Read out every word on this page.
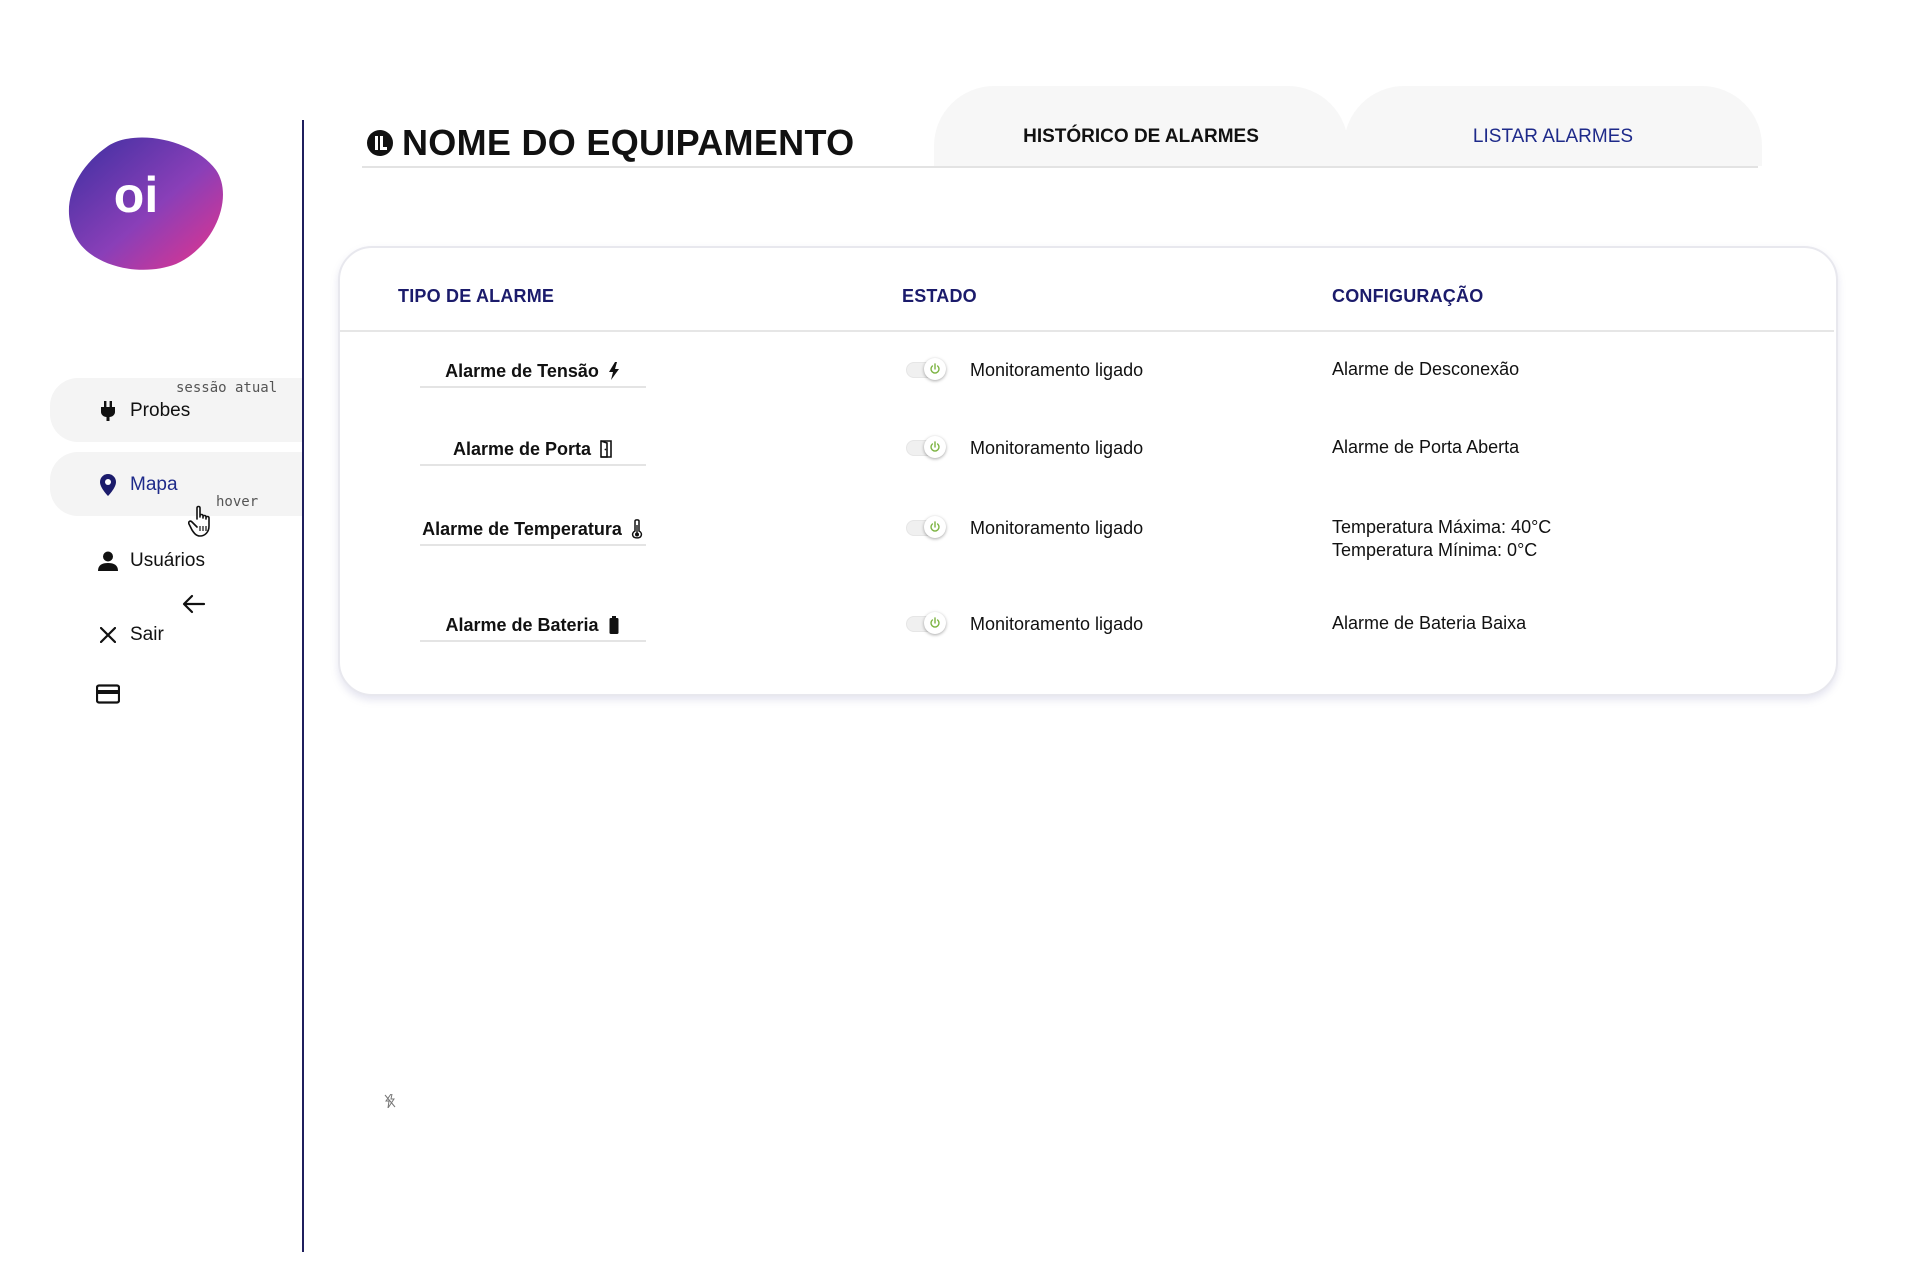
oi
sessão atual
hover
Probes
Mapa
Usuários
Sair
HISTÓRICO DE ALARMES	LISTAR ALARMES
NOME DO EQUIPAMENTO
TIPO DE ALARME	ESTADO	CONFIGURAÇÃO
Alarme de Tensão	Monitoramento ligado	Alarme de Desconexão
Alarme de Porta	Monitoramento ligado	Alarme de Porta Aberta
Alarme de Temperatura	Monitoramento ligado	Temperatura Máxima: 40°C
Temperatura Mínima: 0°C
Alarme de Bateria	Monitoramento ligado	Alarme de Bateria Baixa
